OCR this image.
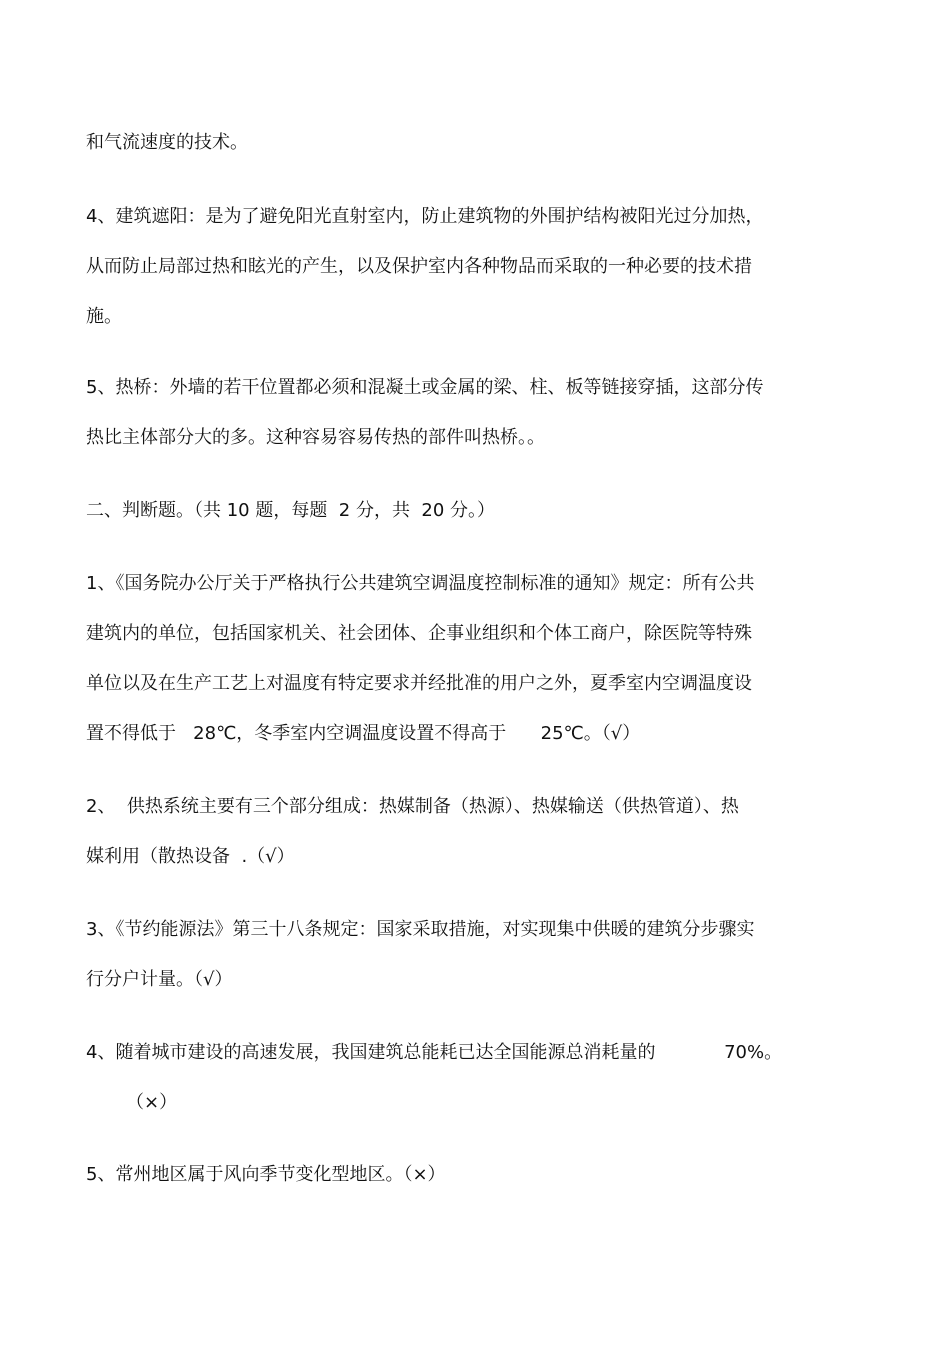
和气流速度的技术。
4、建筑遮阳：是为了避免阳光直射室内，防止建筑物的外围护结构被阳光过分加热，
从而防止局部过热和眩光的产生，以及保护室内各种物品而采取的一种必要的技术措
施。
5、热桥：外墙的若干位置都必须和混凝土或金属的梁、柱、板等链接穿插，这部分传
热比主体部分大的多。这种容易容易传热的部件叫热桥。。
二、判断题。（共 10 题，每题  2 分，共  20 分。）
1、《国务院办公厅关于严格执行公共建筑空调温度控制标准的通知》规定：所有公共
建筑内的单位，包括国家机关、社会团体、企事业组织和个体工商户，除医院等特殊
单位以及在生产工艺上对温度有特定要求并经批准的用户之外，夏季室内空调温度设
置不得低于   28℃，冬季室内空调温度设置不得高于      25℃。（√）
2、  供热系统主要有三个部分组成：热媒制备（热源）、热媒输送（供热管道）、热
媒利用（散热设备  .（√）
3、《节约能源法》第三十八条规定：国家采取措施，对实现集中供暖的建筑分步骤实
行分户计量。（√）
4、随着城市建设的高速发展，我国建筑总能耗已达全国能源总消耗量的            70%。
（×）
5、常州地区属于风向季节变化型地区。（×）
